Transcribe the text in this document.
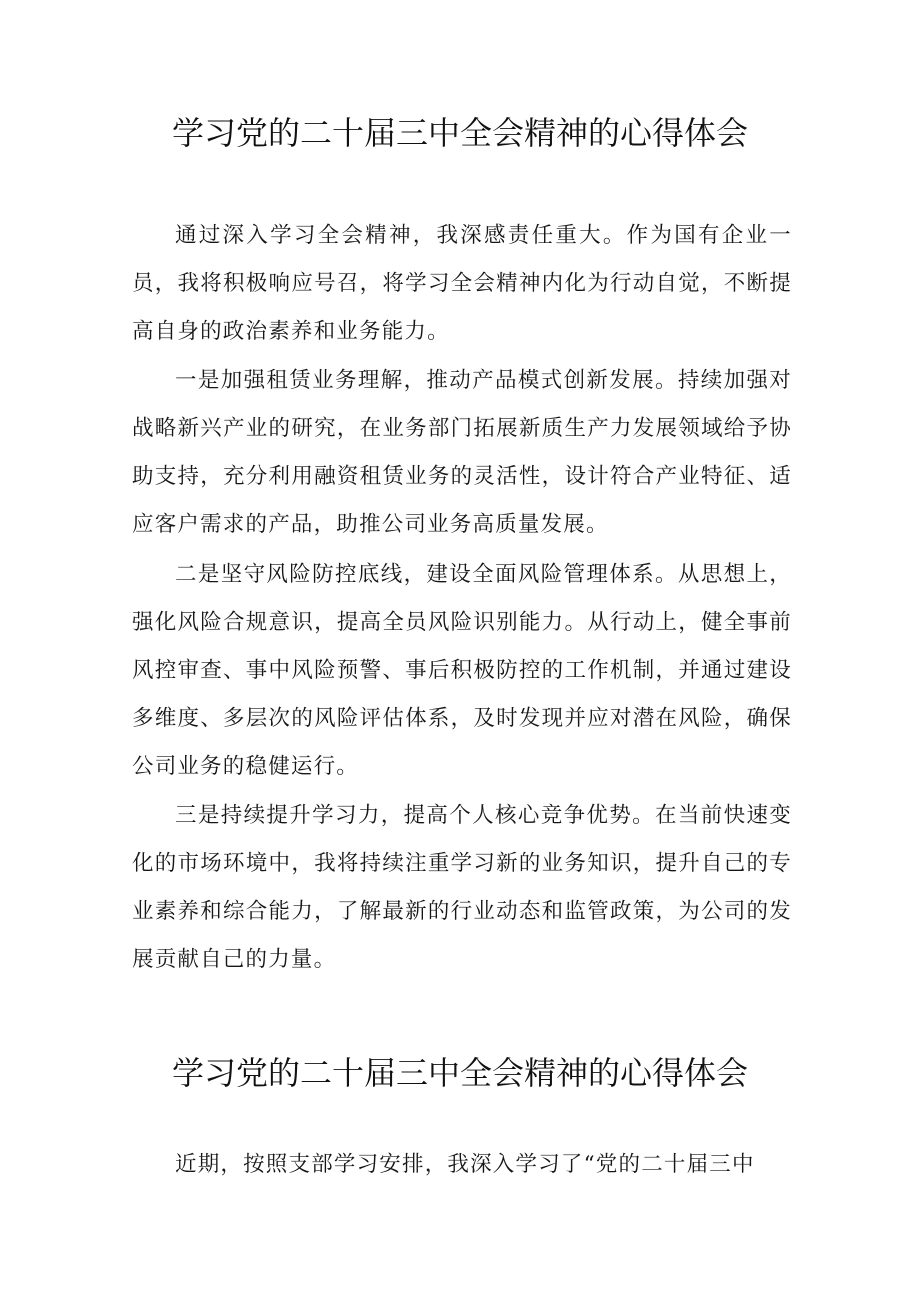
学习党的二十届三中全会精神的心得体会

通过深入学习全会精神，我深感责任重大。作为国有企业一员，我将积极响应号召，将学习全会精神内化为行动自觉，不断提高自身的政治素养和业务能力。

一是加强租赁业务理解，推动产品模式创新发展。持续加强对战略新兴产业的研究，在业务部门拓展新质生产力发展领域给予协助支持，充分利用融资租赁业务的灵活性，设计符合产业特征、适应客户需求的产品，助推公司业务高质量发展。

二是坚守风险防控底线，建设全面风险管理体系。从思想上，强化风险合规意识，提高全员风险识别能力。从行动上，健全事前风控审查、事中风险预警、事后积极防控的工作机制，并通过建设多维度、多层次的风险评估体系，及时发现并应对潜在风险，确保公司业务的稳健运行。

三是持续提升学习力，提高个人核心竞争优势。在当前快速变化的市场环境中，我将持续注重学习新的业务知识，提升自己的专业素养和综合能力，了解最新的行业动态和监管政策，为公司的发展贡献自己的力量。

学习党的二十届三中全会精神的心得体会

近期，按照支部学习安排，我深入学习了“党的二十届三中
